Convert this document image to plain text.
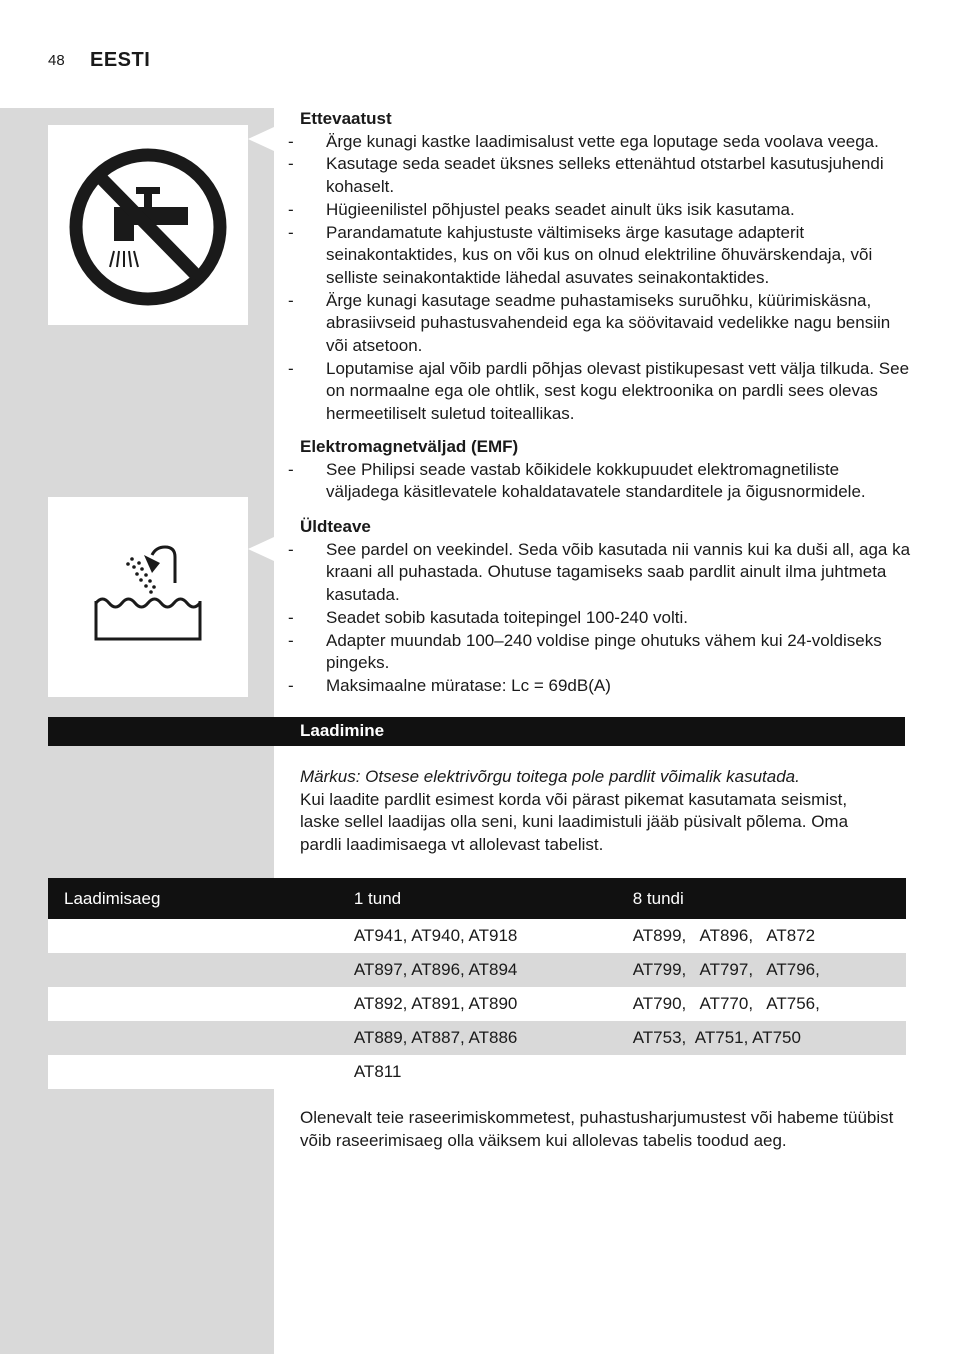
48 EESTI
Ettevaatust
- Ärge kunagi kastke laadimisalust vette ega loputage seda voolava veega.
- Kasutage seda seadet üksnes selleks ettenähtud otstarbel kasutusjuhendi kohaselt.
- Hügieenilistel põhjustel peaks seadet ainult üks isik kasutama.
- Parandamatute kahjustuste vältimiseks ärge kasutage adapterit seinakontaktides, kus on või kus on olnud elektriline õhuvärskendaja, või selliste seinakontaktide lähedal asuvates seinakontaktides.
- Ärge kunagi kasutage seadme puhastamiseks suruõhku, küürimiskäsna, abrasiivseid puhastusvahendeid ega ka söövitavaid vedelikke nagu bensiin või atsetoon.
- Loputamise ajal võib pardli põhjas olevast pistikupesast vett välja tilkuda. See on normaalne ega ole ohtlik, sest kogu elektroonika on pardli sees olevas hermeetiliselt suletud toiteallikas.
Elektromagnetväljad (EMF)
- See Philipsi seade vastab kõikidele kokkupuudet elektromagnetiliste väljadega käsitlevatele kohaldatavatele standarditele ja õigusnormidele.
Üldteave
- See pardel on veekindel. Seda võib kasutada nii vannis kui ka duši all, aga ka kraani all puhastada. Ohutuse tagamiseks saab pardlit ainult ilma juhtmeta kasutada.
- Seadet sobib kasutada toitepingel 100-240 volti.
- Adapter muundab 100–240 voldise pinge ohutuks vähem kui 24-voldiseks pingeks.
- Maksimaalne müratase: Lc = 69dB(A)
Laadimine
Märkus: Otsese elektrivõrgu toitega pole pardlit võimalik kasutada.
Kui laadite pardlit esimest korda või pärast pikemat kasutamata seismist, laske sellel laadijas olla seni, kuni laadimistuli jääb püsivalt põlema. Oma pardli laadimisaega vt allolevast tabelist.
Laadimisaeg	1 tund	8 tundi
	AT941, AT940, AT918	AT899,   AT896,   AT872
	AT897, AT896, AT894	AT799,   AT797,   AT796,
	AT892, AT891, AT890	AT790,   AT770,   AT756,
	AT889, AT887, AT886	AT753,  AT751, AT750
	AT811	
Olenevalt teie raseerimiskommetest, puhastusharjumustest või habeme tüübist võib raseerimisaeg olla väiksem kui allolevas tabelis toodud aeg.
